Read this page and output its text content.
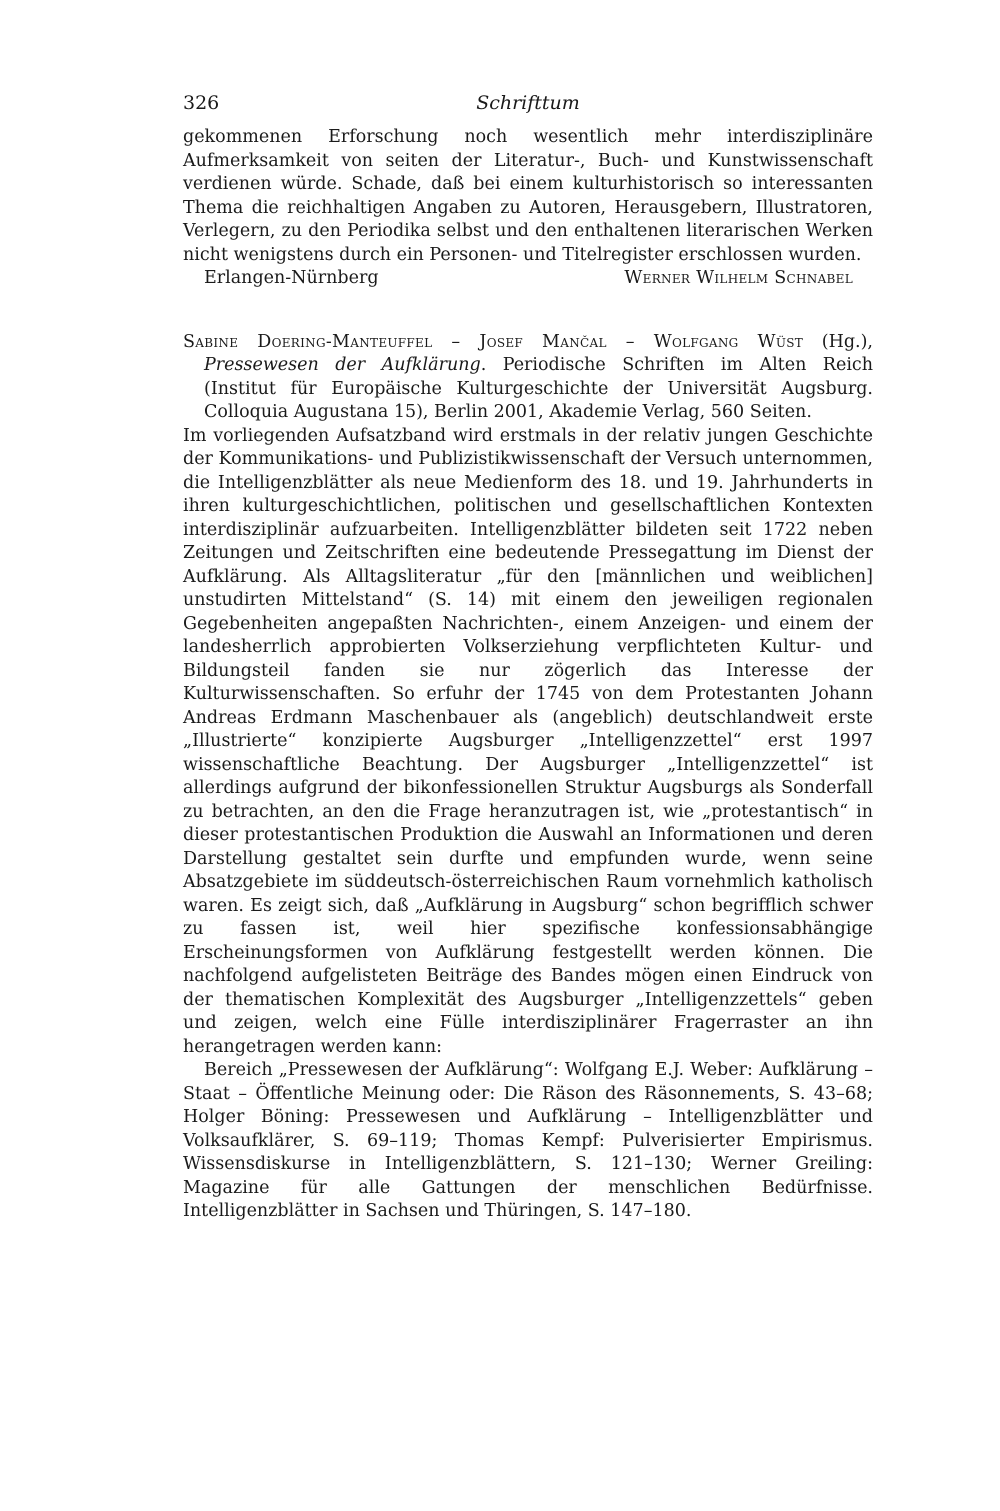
326	Schrifttum

gekommenen Erforschung noch wesentlich mehr interdisziplinäre Aufmerksamkeit von seiten der Literatur-, Buch- und Kunstwissenschaft verdienen würde. Schade, daß bei einem kulturhistorisch so interessanten Thema die reichhaltigen Angaben zu Autoren, Herausgebern, Illustratoren, Verlegern, zu den Periodika selbst und den enthaltenen literarischen Werken nicht wenigstens durch ein Personen- und Titelregister erschlossen wurden.

Erlangen-Nürnberg	Werner Wilhelm Schnabel
Sabine Doering-Manteuffel – Josef Mančal – Wolfgang Wüst (Hg.), Pressewesen der Aufklärung. Periodische Schriften im Alten Reich (Institut für Europäische Kulturgeschichte der Universität Augsburg. Colloquia Augustana 15), Berlin 2001, Akademie Verlag, 560 Seiten.

Im vorliegenden Aufsatzband wird erstmals in der relativ jungen Geschichte der Kommunikations- und Publizistikwissenschaft der Versuch unternommen, die Intelligenzblätter als neue Medienform des 18. und 19. Jahrhunderts in ihren kulturgeschichtlichen, politischen und gesellschaftlichen Kontexten interdisziplinär aufzuarbeiten. Intelligenzblätter bildeten seit 1722 neben Zeitungen und Zeitschriften eine bedeutende Pressegattung im Dienst der Aufklärung. Als Alltagsliteratur „für den [männlichen und weiblichen] unstudirten Mittelstand“ (S. 14) mit einem den jeweiligen regionalen Gegebenheiten angepaßten Nachrichten-, einem Anzeigen- und einem der landesherrlich approbierten Volkserziehung verpflichteten Kultur- und Bildungsteil fanden sie nur zögerlich das Interesse der Kulturwissenschaften. So erfuhr der 1745 von dem Protestanten Johann Andreas Erdmann Maschenbauer als (angeblich) deutschlandweit erste „Illustrierte“ konzipierte Augsburger „Intelligenzzettel“ erst 1997 wissenschaftliche Beachtung. Der Augsburger „Intelligenzzettel“ ist allerdings aufgrund der bikonfessionellen Struktur Augsburgs als Sonderfall zu betrachten, an den die Frage heranzutragen ist, wie „protestantisch“ in dieser protestantischen Produktion die Auswahl an Informationen und deren Darstellung gestaltet sein durfte und empfunden wurde, wenn seine Absatzgebiete im süddeutsch-österreichischen Raum vornehmlich katholisch waren. Es zeigt sich, daß „Aufklärung in Augsburg“ schon begrifflich schwer zu fassen ist, weil hier spezifische konfessionsabhängige Erscheinungsformen von Aufklärung festgestellt werden können. Die nachfolgend aufgelisteten Beiträge des Bandes mögen einen Eindruck von der thematischen Komplexität des Augsburger „Intelligenzzettels“ geben und zeigen, welch eine Fülle interdisziplinärer Fragerraster an ihn herangetragen werden kann:

Bereich „Pressewesen der Aufklärung“: Wolfgang E.J. Weber: Aufklärung – Staat – Öffentliche Meinung oder: Die Räson des Räsonnements, S. 43–68; Holger Böning: Pressewesen und Aufklärung – Intelligenzblätter und Volksaufklärer, S. 69–119; Thomas Kempf: Pulverisierter Empirismus. Wissensdiskurse in Intelligenzblättern, S. 121–130; Werner Greiling: Magazine für alle Gattungen der menschlichen Bedürfnisse. Intelligenzblätter in Sachsen und Thüringen, S. 147–180.
